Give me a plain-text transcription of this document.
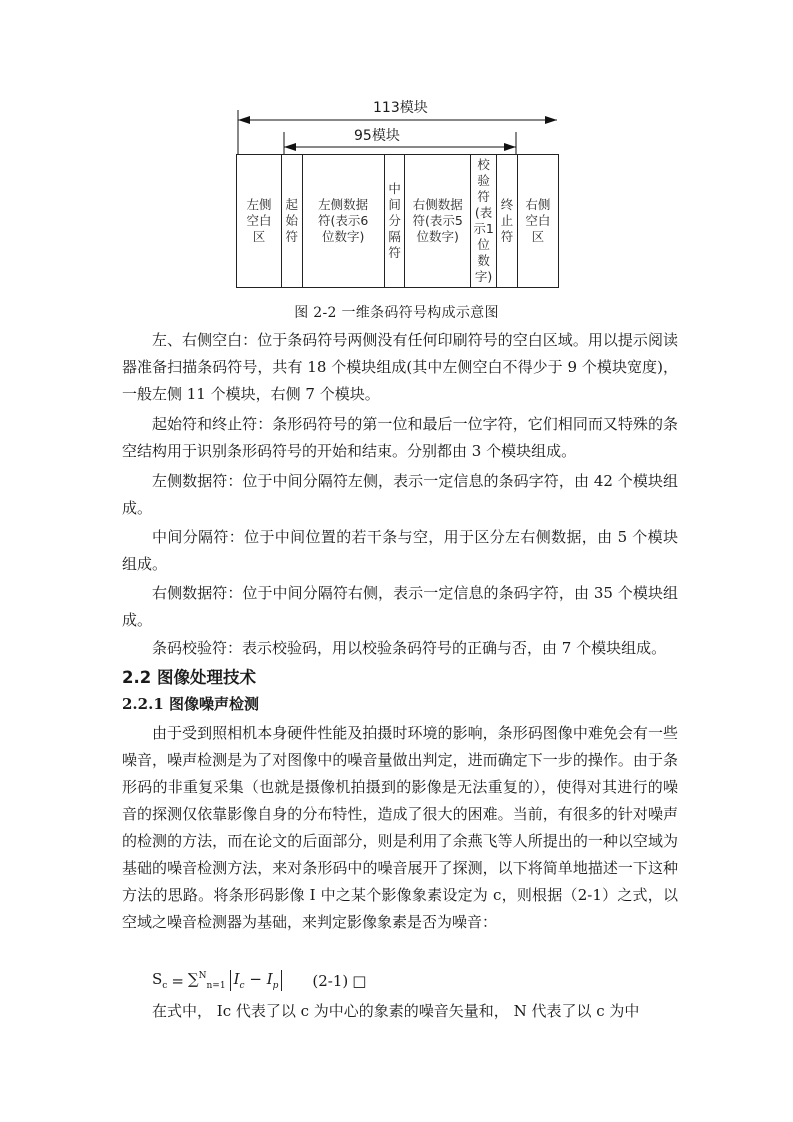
113模块
95模块
左侧
空白
区
起
始
符
左侧数据
符(表示6
位数字)
中
间
分
隔
符
右侧数据
符(表示5
位数字)
校
验
符
(表
示1
位
数
字)
终
止
符
右侧
空白
区
图 2-2 一维条码符号构成示意图
左、右侧空白：位于条码符号两侧没有任何印刷符号的空白区域。用以提示阅读器准备扫描条码符号，共有 18 个模块组成(其中左侧空白不得少于 9 个模块宽度)，一般左侧 11 个模块，右侧 7 个模块。
起始符和终止符：条形码符号的第一位和最后一位字符，它们相同而又特殊的条空结构用于识别条形码符号的开始和结束。分别都由 3 个模块组成。
左侧数据符：位于中间分隔符左侧，表示一定信息的条码字符，由 42 个模块组成。
中间分隔符：位于中间位置的若干条与空，用于区分左右侧数据，由 5 个模块组成。
右侧数据符：位于中间分隔符右侧，表示一定信息的条码字符，由 35 个模块组成。
条码校验符：表示校验码，用以校验条码符号的正确与否，由 7 个模块组成。
2.2 图像处理技术
2.2.1 图像噪声检测
由于受到照相机本身硬件性能及拍摄时环境的影响，条形码图像中难免会有一些噪音，噪声检测是为了对图像中的噪音量做出判定，进而确定下一步的操作。由于条形码的非重复采集（也就是摄像机拍摄到的影像是无法重复的），使得对其进行的噪音的探测仅依靠影像自身的分布特性，造成了很大的困难。当前，有很多的针对噪声的检测的方法，而在论文的后面部分，则是利用了余燕飞等人所提出的一种以空域为基础的噪音检测方法，来对条形码中的噪音展开了探测，以下将简单地描述一下这种方法的思路。将条形码影像 I 中之某个影像象素设定为 c，则根据（2-1）之式，以空域之噪音检测器为基础，来判定影像象素是否为噪音：
$S_c = \sum^N_{n=1}$ $I_c - I_p$ (2-1) □
在式中， Ic 代表了以 c 为中心的象素的噪音矢量和， N 代表了以 c 为中
